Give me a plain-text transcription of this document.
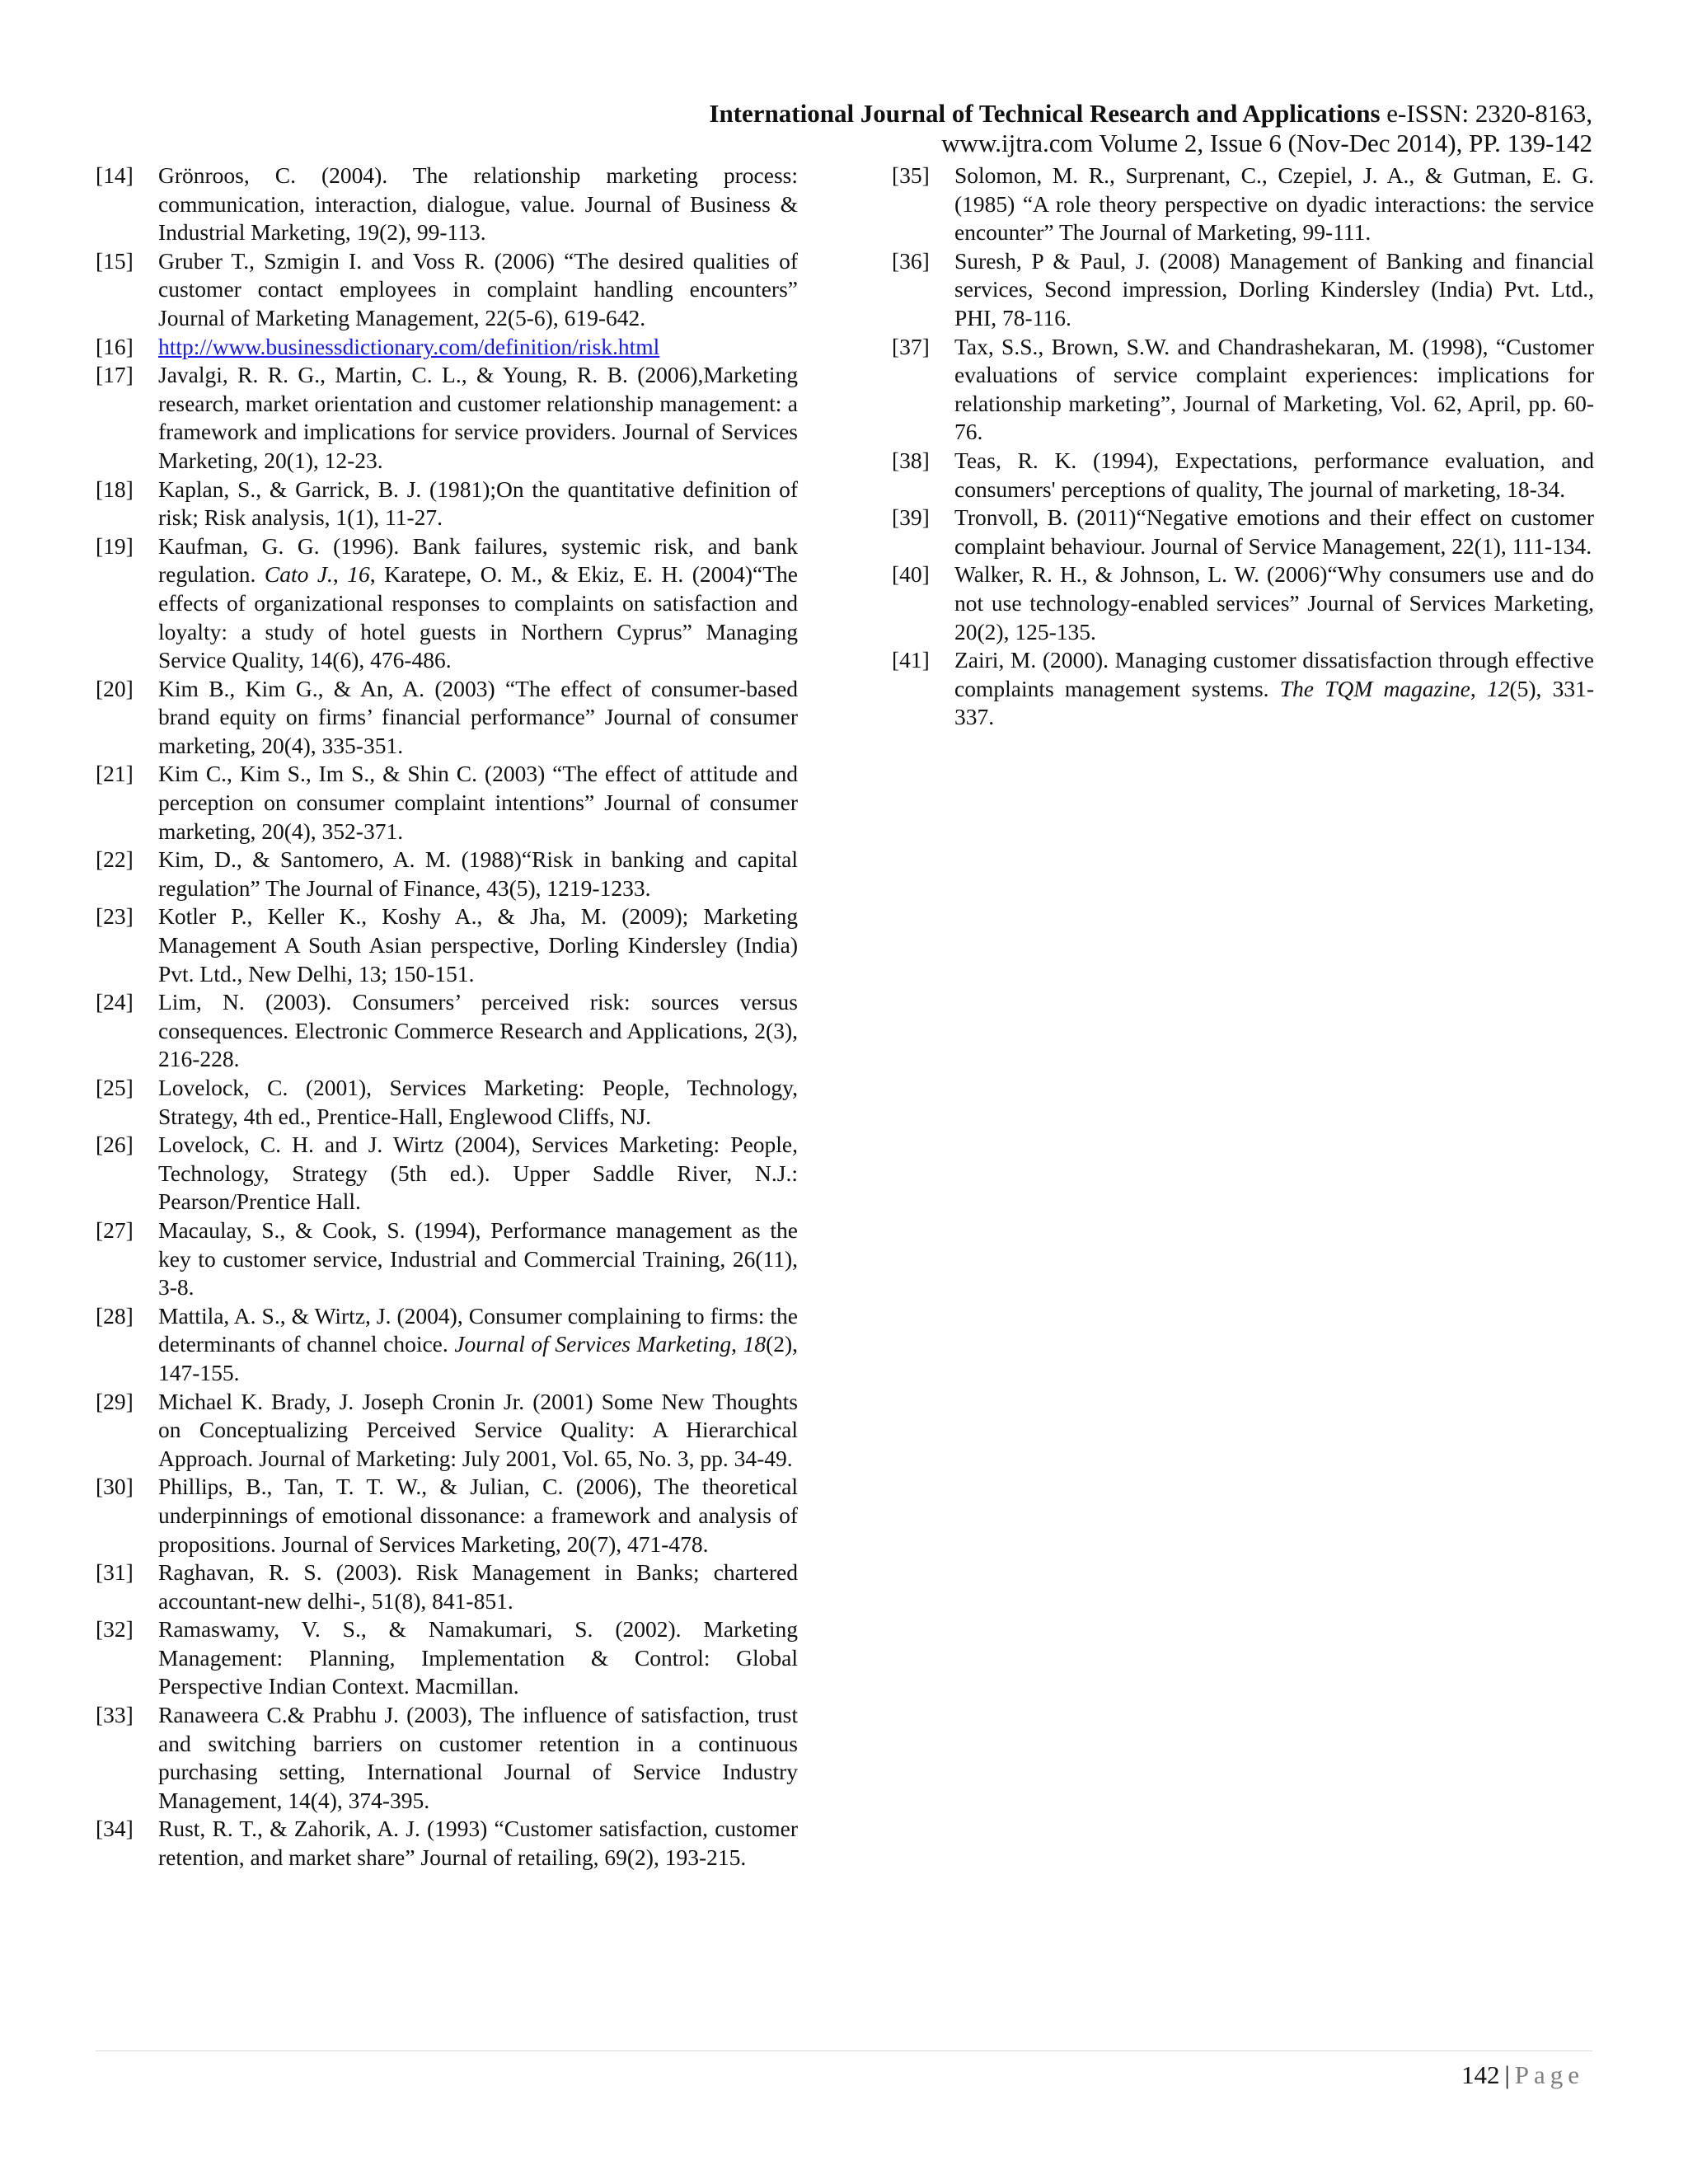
International Journal of Technical Research and Applications e-ISSN: 2320-8163,
www.ijtra.com Volume 2, Issue 6 (Nov-Dec 2014), PP. 139-142
[14]	Grönroos, C. (2004). The relationship marketing process: communication, interaction, dialogue, value. Journal of Business & Industrial Marketing, 19(2), 99-113.
[15]	Gruber T., Szmigin I. and Voss R. (2006) “The desired qualities of customer contact employees in complaint handling encounters” Journal of Marketing Management, 22(5-6), 619-642.
[16]	http://www.businessdictionary.com/definition/risk.html
[17]	Javalgi, R. R. G., Martin, C. L., & Young, R. B. (2006),Marketing research, market orientation and customer relationship management: a framework and implications for service providers. Journal of Services Marketing, 20(1), 12-23.
[18]	Kaplan, S., & Garrick, B. J. (1981);On the quantitative definition of risk; Risk analysis, 1(1), 11-27.
[19]	Kaufman, G. G. (1996). Bank failures, systemic risk, and bank regulation. Cato J., 16, Karatepe, O. M., & Ekiz, E. H. (2004)“The effects of organizational responses to complaints on satisfaction and loyalty: a study of hotel guests in Northern Cyprus” Managing Service Quality, 14(6), 476-486.
[20]	Kim B., Kim G., & An, A. (2003) “The effect of consumer-based brand equity on firms’ financial performance” Journal of consumer marketing, 20(4), 335-351.
[21]	Kim C., Kim S., Im S., & Shin C. (2003) “The effect of attitude and perception on consumer complaint intentions” Journal of consumer marketing, 20(4), 352-371.
[22]	Kim, D., & Santomero, A. M. (1988)“Risk in banking and capital regulation” The Journal of Finance, 43(5), 1219-1233.
[23]	Kotler P., Keller K., Koshy A., & Jha, M. (2009); Marketing Management A South Asian perspective, Dorling Kindersley (India) Pvt. Ltd., New Delhi, 13; 150-151.
[24]	Lim, N. (2003). Consumers’ perceived risk: sources versus consequences. Electronic Commerce Research and Applications, 2(3), 216-228.
[25]	Lovelock, C. (2001), Services Marketing: People, Technology, Strategy, 4th ed., Prentice-Hall, Englewood Cliffs, NJ.
[26]	Lovelock, C. H. and J. Wirtz (2004), Services Marketing: People, Technology, Strategy (5th ed.). Upper Saddle River, N.J.: Pearson/Prentice Hall.
[27]	Macaulay, S., & Cook, S. (1994), Performance management as the key to customer service, Industrial and Commercial Training, 26(11), 3-8.
[28]	Mattila, A. S., & Wirtz, J. (2004), Consumer complaining to firms: the determinants of channel choice. Journal of Services Marketing, 18(2), 147-155.
[29]	Michael K. Brady, J. Joseph Cronin Jr. (2001) Some New Thoughts on Conceptualizing Perceived Service Quality: A Hierarchical Approach. Journal of Marketing: July 2001, Vol. 65, No. 3, pp. 34-49.
[30]	Phillips, B., Tan, T. T. W., & Julian, C. (2006), The theoretical underpinnings of emotional dissonance: a framework and analysis of propositions. Journal of Services Marketing, 20(7), 471-478.
[31]	Raghavan, R. S. (2003). Risk Management in Banks; chartered accountant-new delhi-, 51(8), 841-851.
[32]	Ramaswamy, V. S., & Namakumari, S. (2002). Marketing Management: Planning, Implementation & Control: Global Perspective Indian Context. Macmillan.
[33]	Ranaweera C.& Prabhu J. (2003), The influence of satisfaction, trust and switching barriers on customer retention in a continuous purchasing setting, International Journal of Service Industry Management, 14(4), 374-395.
[34]	Rust, R. T., & Zahorik, A. J. (1993) “Customer satisfaction, customer retention, and market share” Journal of retailing, 69(2), 193-215.
[35]	Solomon, M. R., Surprenant, C., Czepiel, J. A., & Gutman, E. G. (1985) “A role theory perspective on dyadic interactions: the service encounter” The Journal of Marketing, 99-111.
[36]	Suresh, P & Paul, J. (2008) Management of Banking and financial services, Second impression, Dorling Kindersley (India) Pvt. Ltd., PHI, 78-116.
[37]	Tax, S.S., Brown, S.W. and Chandrashekaran, M. (1998), “Customer evaluations of service complaint experiences: implications for relationship marketing”, Journal of Marketing, Vol. 62, April, pp. 60-76.
[38]	Teas, R. K. (1994), Expectations, performance evaluation, and consumers' perceptions of quality, The journal of marketing, 18-34.
[39]	Tronvoll, B. (2011)“Negative emotions and their effect on customer complaint behaviour. Journal of Service Management, 22(1), 111-134.
[40]	Walker, R. H., & Johnson, L. W. (2006)“Why consumers use and do not use technology-enabled services” Journal of Services Marketing, 20(2), 125-135.
[41]	Zairi, M. (2000). Managing customer dissatisfaction through effective complaints management systems. The TQM magazine, 12(5), 331-337.
142 | Page
